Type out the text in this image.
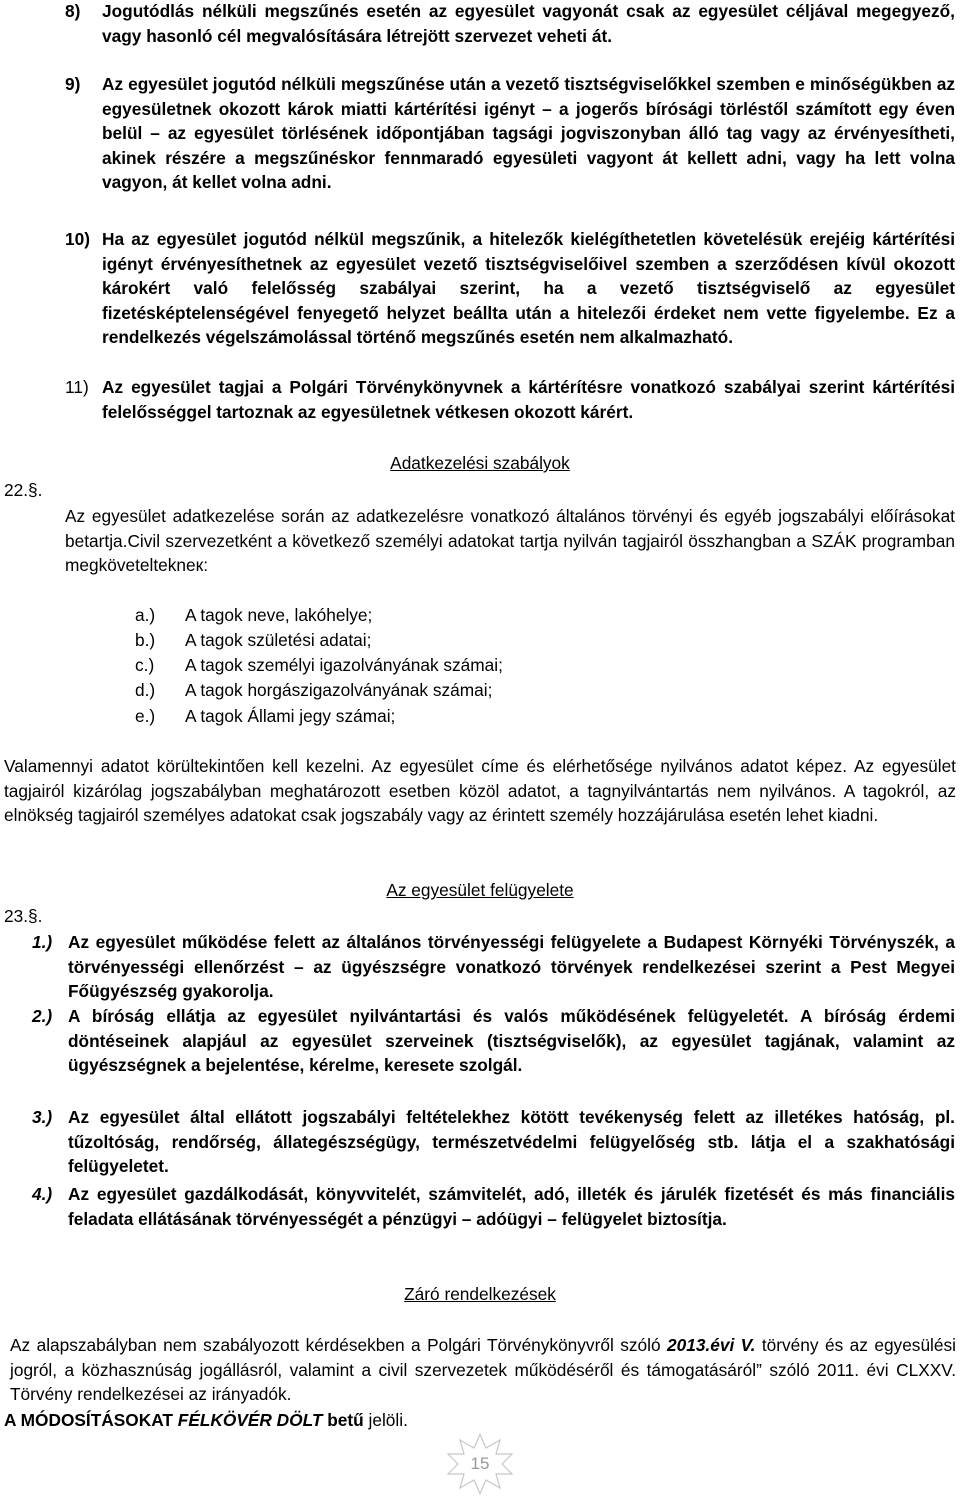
8) Jogutódlás nélküli megszűnés esetén az egyesület vagyonát csak az egyesület céljával megegyező, vagy hasonló cél megvalósítására létrejött szervezet veheti át.
9) Az egyesület jogutód nélküli megszűnése után a vezető tisztségviselőkkel szemben e minőségükben az egyesületnek okozott károk miatti kártérítési igényt – a jogerős bírósági törléstől számított egy éven belül – az egyesület törlésének időpontjában tagsági jogviszonyban álló tag vagy az érvényesítheti, akinek részére a megszűnéskor fennmaradó egyesületi vagyont át kellett adni, vagy ha lett volna vagyon, át kellet volna adni.
10) Ha az egyesület jogutód nélkül megszűnik, a hitelezők kielégíthetetlen követelésük erejéig kártérítési igényt érvényesíthetnek az egyesület vezető tisztségviselőivel szemben a szerződésen kívül okozott károkért való felelősség szabályai szerint, ha a vezető tisztségviselő az egyesület fizetésképtelenségével fenyegető helyzet beállta után a hitelezői érdeket nem vette figyelembe. Ez a rendelkezés végelszámolással történő megszűnés esetén nem alkalmazható.
11) Az egyesület tagjai a Polgári Törvénykönyvnek a kártérítésre vonatkozó szabályai szerint kártérítési felelősséggel tartoznak az egyesületnek vétkesen okozott kárért.
Adatkezelési szabályok
22.§.
Az egyesület adatkezelése során az adatkezelésre vonatkozó általános törvényi és egyéb jogszabályi előírásokat betartja.Civil szervezetként a következő személyi adatokat tartja nyilván tagjairól összhangban a SZÁK programban megköveteltekneк:
a.) A tagok neve, lakóhelye;
b.) A tagok születési adatai;
c.) A tagok személyi igazolványának számai;
d.) A tagok horgászigazolványának számai;
e.) A tagok Állami jegy számai;
Valamennyi adatot körültekintően kell kezelni. Az egyesület címe és elérhetősége nyilvános adatot képez. Az egyesület tagjairól kizárólag jogszabályban meghatározott esetben közöl adatot, a tagnyilvántartás nem nyilvános. A tagokról, az elnökség tagjairól személyes adatokat csak jogszabály vagy az érintett személy hozzájárulása esetén lehet kiadni.
Az egyesület felügyelete
23.§.
1.) Az egyesület működése felett az általános törvényességi felügyelete a Budapest Környéki Törvényszék, a törvényességi ellenőrzést – az ügyészségre vonatkozó törvények rendelkezései szerint a Pest Megyei Főügyészség gyakorolja.
2.) A bíróság ellátja az egyesület nyilvántartási és valós működésének felügyeletét. A bíróság érdemi döntéseinek alapjául az egyesület szerveinek (tisztségviselők), az egyesület tagjának, valamint az ügyészségnek a bejelentése, kérelme, keresete szolgál.
3.) Az egyesület által ellátott jogszabályi feltételekhez kötött tevékenység felett az illetékes hatóság, pl. tűzoltóság, rendőrség, állategészségügy, természetvédelmi felügyelőség stb. látja el a szakhatósági felügyeletet.
4.) Az egyesület gazdálkodását, könyvvitelét, számvitelét, adó, illeték és járulék fizetését és más financiális feladata ellátásának törvényességét a pénzügyi – adóügyi – felügyelet biztosítja.
Záró rendelkezések
Az alapszabályban nem szabályozott kérdésekben a Polgári Törvénykönyvről szóló 2013.évi V. törvény és az egyesülési jogról, a közhasznúság jogállásról, valamint a civil szervezetek működéséről és támogatásáról” szóló 2011. évi CLXXV. Törvény rendelkezései az irányadók.
A MÓDOSÍTÁSOKAT FÉLKÖVÉR DÖLT betű jelöli.
15
